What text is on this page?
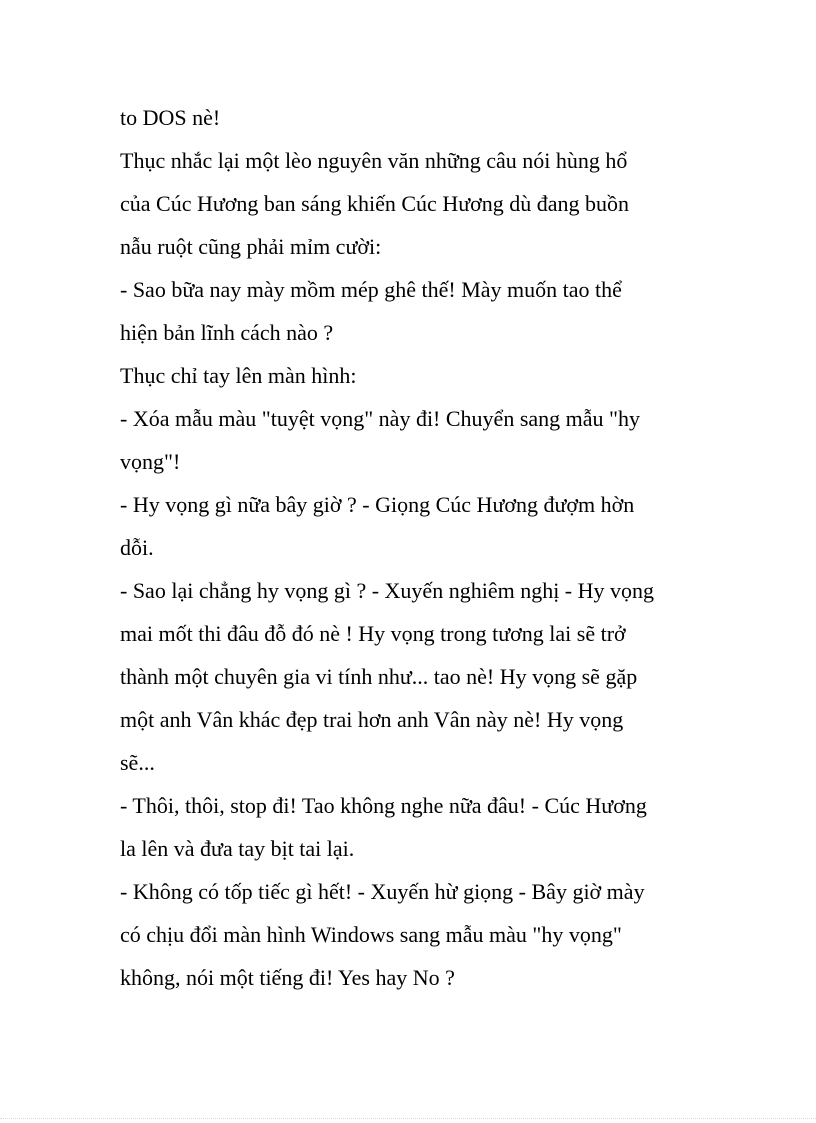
to DOS nè!
Thục nhắc lại một lèo nguyên văn những câu nói hùng hổ
của Cúc Hương ban sáng khiến Cúc Hương dù đang buồn
nẫu ruột cũng phải mỉm cười:
- Sao bữa nay mày mồm mép ghê thế! Mày muốn tao thể
hiện bản lĩnh cách nào ?
Thục chỉ tay lên màn hình:
- Xóa mẫu màu "tuyệt vọng" này đi! Chuyển sang mẫu "hy
vọng"!
- Hy vọng gì nữa bây giờ ? - Giọng Cúc Hương đượm hờn
dỗi.
- Sao lại chẳng hy vọng gì ? - Xuyến nghiêm nghị - Hy vọng
mai mốt thi đâu đỗ đó nè ! Hy vọng trong tương lai sẽ trở
thành một chuyên gia vi tính như... tao nè! Hy vọng sẽ gặp
một anh Vân khác đẹp trai hơn anh Vân này nè! Hy vọng
sẽ...
- Thôi, thôi, stop đi! Tao không nghe nữa đâu! - Cúc Hương
la lên và đưa tay bịt tai lại.
- Không có tốp tiếc gì hết! - Xuyến hừ giọng - Bây giờ mày
có chịu đổi màn hình Windows sang mẫu màu "hy vọng"
không, nói một tiếng đi! Yes hay No ?
